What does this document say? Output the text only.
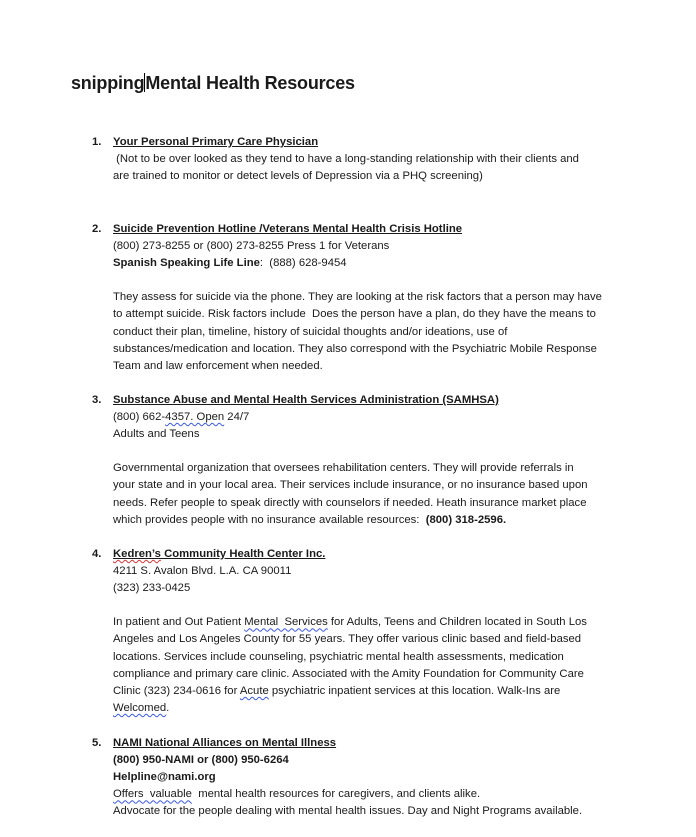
snippingMental Health Resources
1. Your Personal Primary Care Physician
(Not to be over looked as they tend to have a long-standing relationship with their clients and
are trained to monitor or detect levels of Depression via a PHQ screening)
2. Suicide Prevention Hotline /Veterans Mental Health Crisis Hotline
(800) 273-8255 or (800) 273-8255 Press 1 for Veterans
Spanish Speaking Life Line:  (888) 628-9454
They assess for suicide via the phone. They are looking at the risk factors that a person may have
to attempt suicide. Risk factors include  Does the person have a plan, do they have the means to
conduct their plan, timeline, history of suicidal thoughts and/or ideations, use of
substances/medication and location. They also correspond with the Psychiatric Mobile Response
Team and law enforcement when needed.
3. Substance Abuse and Mental Health Services Administration (SAMHSA)
(800) 662-4357. Open 24/7
Adults and Teens
Governmental organization that oversees rehabilitation centers. They will provide referrals in
your state and in your local area. Their services include insurance, or no insurance based upon
needs. Refer people to speak directly with counselors if needed. Heath insurance market place
which provides people with no insurance available resources:  (800) 318-2596.
4. Kedren’s Community Health Center Inc.
4211 S. Avalon Blvd. L.A. CA 90011
(323) 233-0425
In patient and Out Patient Mental  Services for Adults, Teens and Children located in South Los
Angeles and Los Angeles County for 55 years. They offer various clinic based and field-based
locations. Services include counseling, psychiatric mental health assessments, medication
compliance and primary care clinic. Associated with the Amity Foundation for Community Care
Clinic (323) 234-0616 for Acute psychiatric inpatient services at this location. Walk-Ins are
Welcomed.
5. NAMI National Alliances on Mental Illness
(800) 950-NAMI or (800) 950-6264
Helpline@nami.org
Offers  valuable  mental health resources for caregivers, and clients alike.
Advocate for the people dealing with mental health issues. Day and Night Programs available.
